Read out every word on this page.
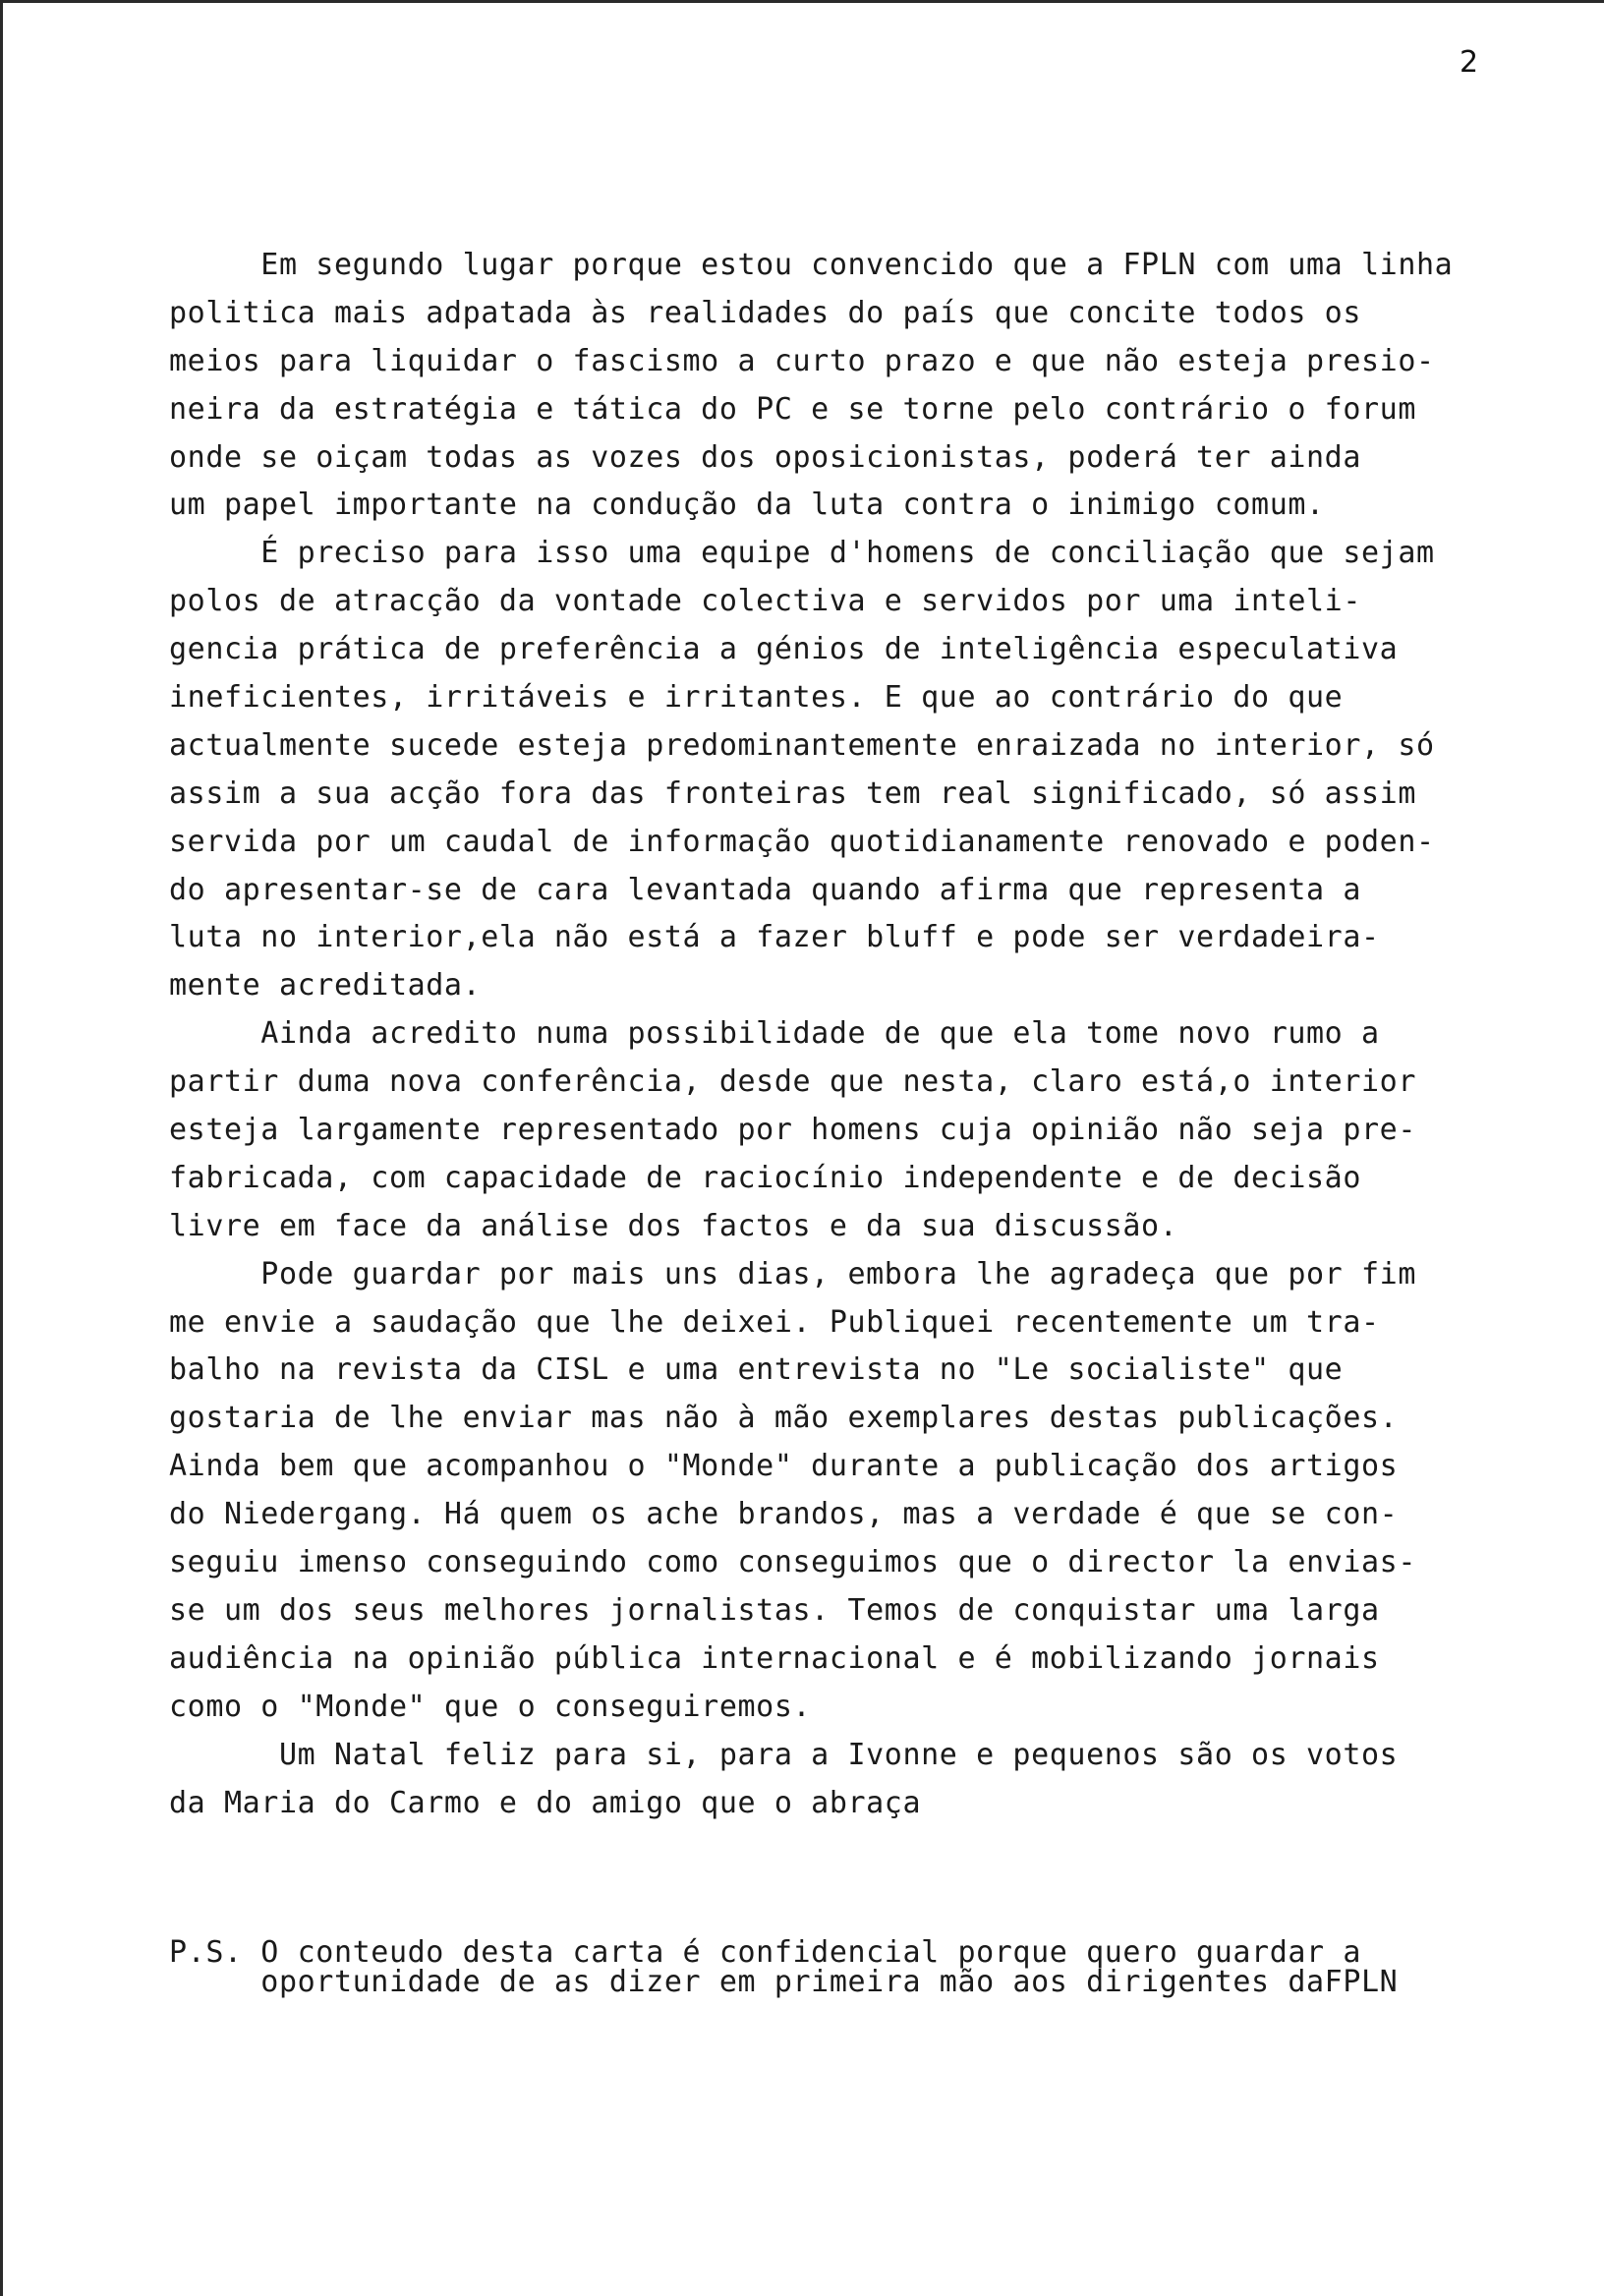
2
Em segundo lugar porque estou convencido que a FPLN com uma linha
politica mais adpatada às realidades do país que concite todos os
meios para liquidar o fascismo a curto prazo e que não esteja presio-
neira da estratégia e tática do PC e se torne pelo contrário o forum
onde se oiçam todas as vozes dos oposicionistas, poderá ter ainda
um papel importante na condução da luta contra o inimigo comum.
É preciso para isso uma equipe d'homens de conciliação que sejam
polos de atracção da vontade colectiva e servidos por uma inteli-
gencia prática de preferência a génios de inteligência especulativa
ineficientes, irritáveis e irritantes. E que ao contrário do que
actualmente sucede esteja predominantemente enraizada no interior, só
assim a sua acção fora das fronteiras tem real significado, só assim
servida por um caudal de informação quotidianamente renovado e poden-
do apresentar-se de cara levantada quando afirma que representa a
luta no interior,ela não está a fazer bluff e pode ser verdadeira-
mente acreditada.
Ainda acredito numa possibilidade de que ela tome novo rumo a
partir duma nova conferência, desde que nesta, claro está,o interior
esteja largamente representado por homens cuja opinião não seja pre-
fabricada, com capacidade de raciocínio independente e de decisão
livre em face da análise dos factos e da sua discussão.
Pode guardar por mais uns dias, embora lhe agradeça que por fim
me envie a saudação que lhe deixei. Publiquei recentemente um tra-
balho na revista da CISL e uma entrevista no "Le socialiste" que
gostaria de lhe enviar mas não à mão exemplares destas publicações.
Ainda bem que acompanhou o "Monde" durante a publicação dos artigos
do Niedergang. Há quem os ache brandos, mas a verdade é que se con-
seguiu imenso conseguindo como conseguimos que o director la envias-
se um dos seus melhores jornalistas. Temos de conquistar uma larga
audiência na opinião pública internacional e é mobilizando jornais
como o "Monde" que o conseguiremos.
Um Natal feliz para si, para a Ivonne e pequenos são os votos
da Maria do Carmo e do amigo que o abraça
P.S. O conteudo desta carta é confidencial porque quero guardar a
oportunidade de as dizer em primeira mão aos dirigentes daFPLN
